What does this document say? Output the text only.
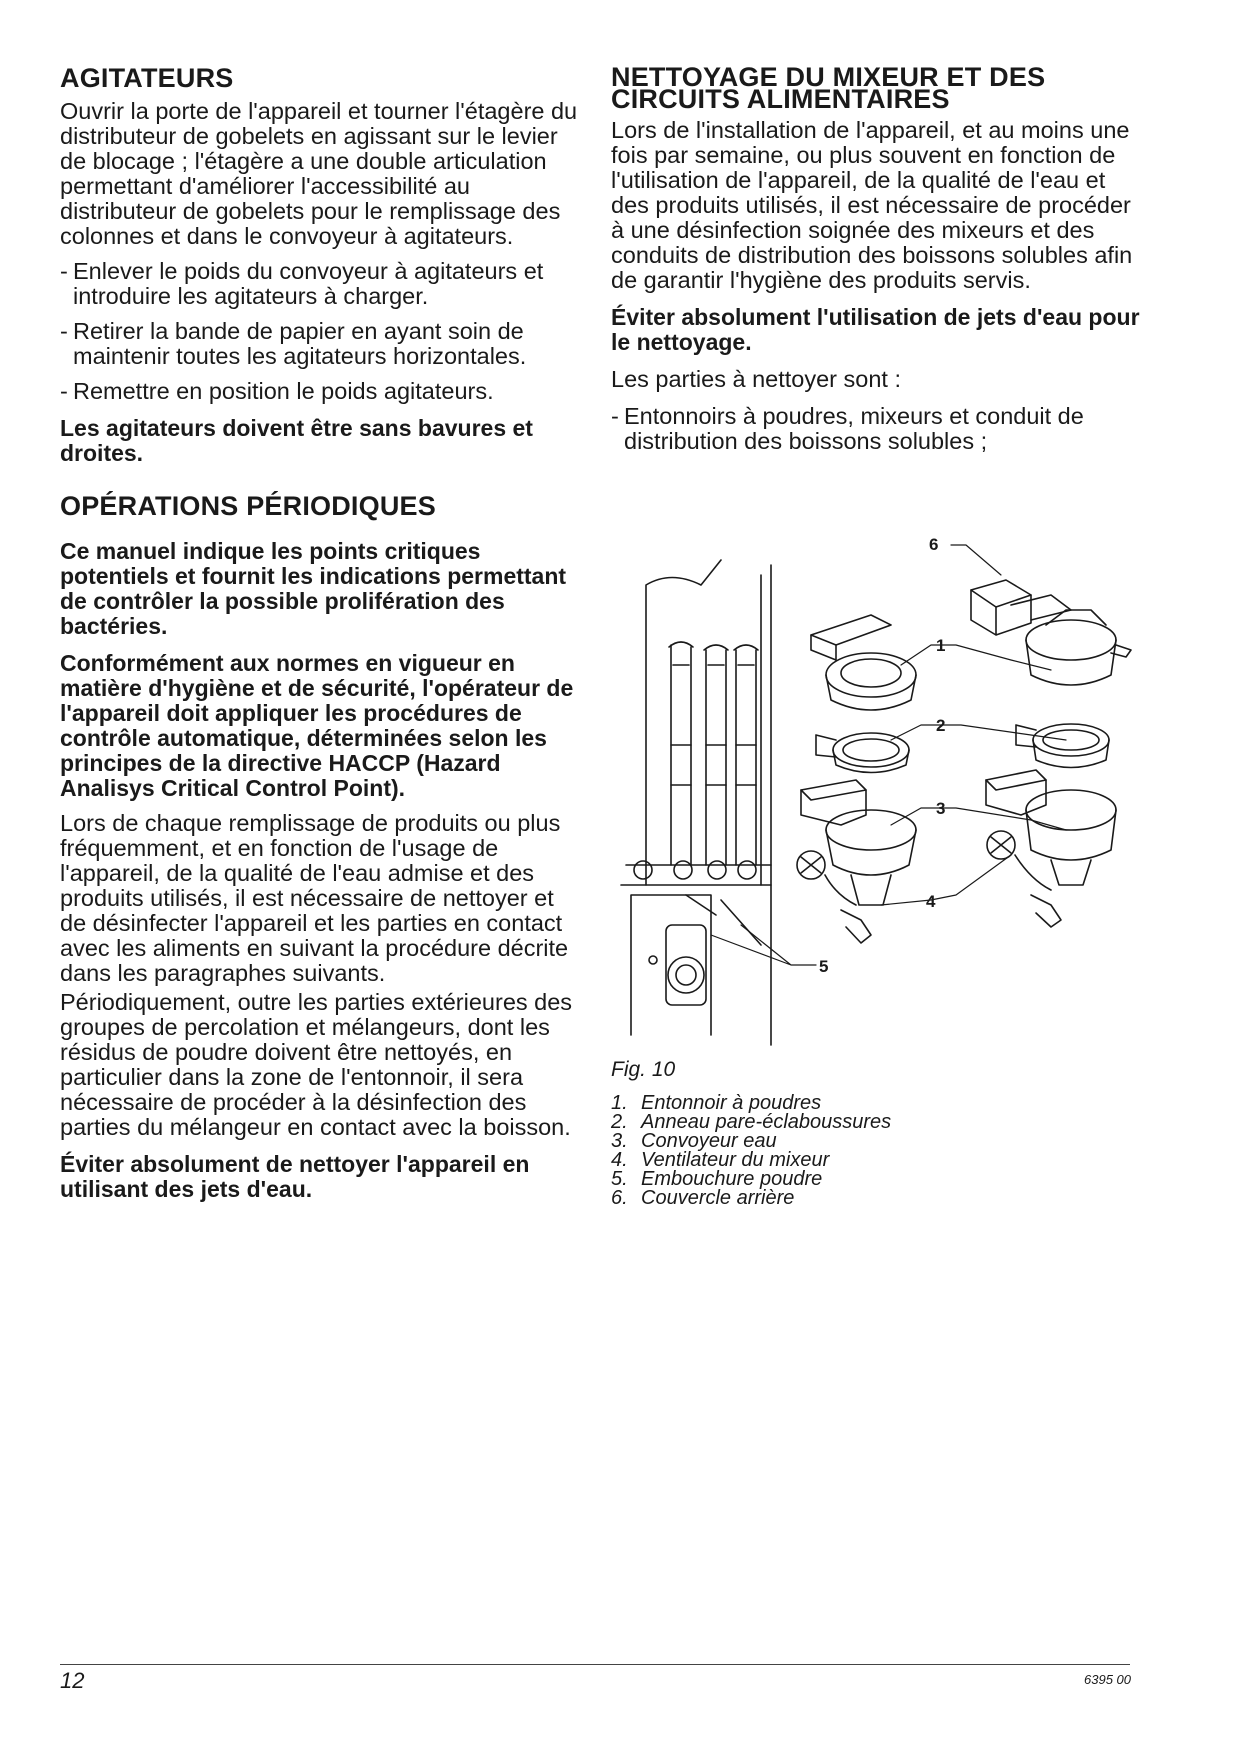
AGITATEURS

Ouvrir la porte de l'appareil et tourner l'étagère du distributeur de gobelets en agissant sur le levier de blocage ; l'étagère a une double articulation permettant d'améliorer l'accessibilité au distributeur de gobelets pour le remplissage des colonnes et dans le convoyeur à agitateurs.

- Enlever le poids du convoyeur à agitateurs et introduire les agitateurs à charger.
- Retirer la bande de papier en ayant soin de maintenir toutes les agitateurs horizontales.
- Remettre en position le poids agitateurs.

Les agitateurs doivent être sans bavures et droites.

OPÉRATIONS PÉRIODIQUES

Ce manuel indique les points critiques potentiels et fournit les indications permettant de contrôler la possible prolifération des bactéries.

Conformément aux normes en vigueur en matière d'hygiène et de sécurité, l'opérateur de l'appareil doit appliquer les procédures de contrôle automatique, déterminées selon les principes de la directive HACCP (Hazard Analisys Critical Control Point).

Lors de chaque remplissage de produits ou plus fréquemment, et en fonction de l'usage de l'appareil, de la qualité de l'eau admise et des produits utilisés, il est nécessaire de nettoyer et de désinfecter l'appareil et les parties en contact avec les aliments en suivant la procédure décrite dans les paragraphes suivants.

Périodiquement, outre les parties extérieures des groupes de percolation et mélangeurs, dont les résidus de poudre doivent être nettoyés, en particulier dans la zone de l'entonnoir, il sera nécessaire de procéder à la désinfection des parties du mélangeur en contact avec la boisson.

Éviter absolument de nettoyer l'appareil en utilisant des jets d'eau.

NETTOYAGE DU MIXEUR ET DES CIRCUITS ALIMENTAIRES

Lors de l'installation de l'appareil, et au moins une fois par semaine, ou plus souvent en fonction de l'utilisation de l'appareil, de la qualité de l'eau et des produits utilisés, il est nécessaire de procéder à une désinfection soignée des mixeurs et des conduits de distribution des boissons solubles afin de garantir l'hygiène des produits servis.

Éviter absolument l'utilisation de jets d'eau pour le nettoyage.

Les parties à nettoyer sont :

- Entonnoirs à poudres, mixeurs et conduit de distribution des boissons solubles ;
6
1
2
3
4
5
Fig. 10
1. Entonnoir à poudres
2. Anneau pare-éclaboussures
3. Convoyeur eau
4. Ventilateur du mixeur
5. Embouchure poudre
6. Couvercle arrière
12	6395 00
